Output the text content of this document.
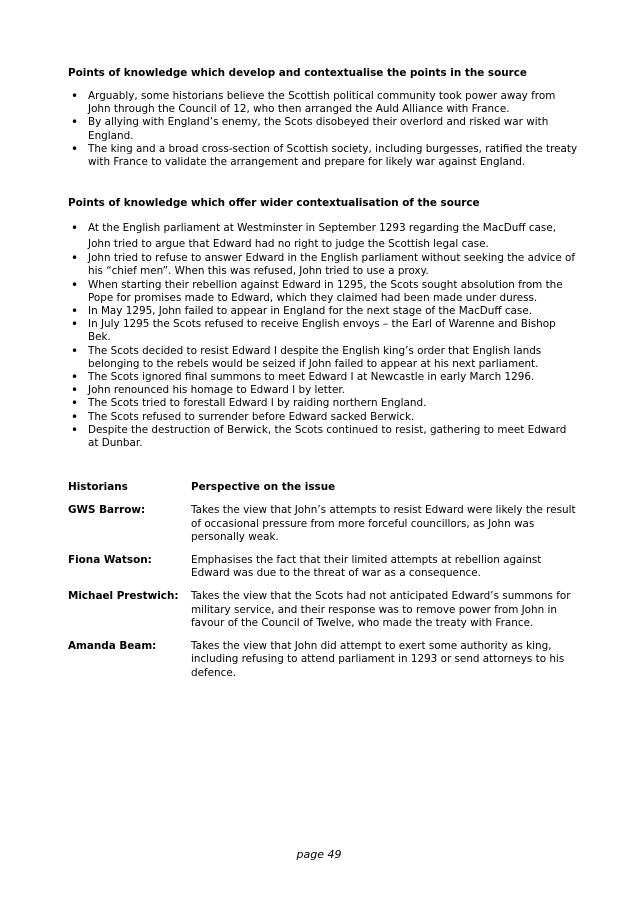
Points of knowledge which develop and contextualise the points in the source
• Arguably, some historians believe the Scottish political community took power away from John through the Council of 12, who then arranged the Auld Alliance with France.
• By allying with England’s enemy, the Scots disobeyed their overlord and risked war with England.
• The king and a broad cross-section of Scottish society, including burgesses, ratified the treaty with France to validate the arrangement and prepare for likely war against England.
Points of knowledge which offer wider contextualisation of the source
• At the English parliament at Westminster in September 1293 regarding the MacDuff case, John tried to argue that Edward had no right to judge the Scottish legal case.
• John tried to refuse to answer Edward in the English parliament without seeking the advice of his “chief men”. When this was refused, John tried to use a proxy.
• When starting their rebellion against Edward in 1295, the Scots sought absolution from the Pope for promises made to Edward, which they claimed had been made under duress.
• In May 1295, John failed to appear in England for the next stage of the MacDuff case.
• In July 1295 the Scots refused to receive English envoys – the Earl of Warenne and Bishop Bek.
• The Scots decided to resist Edward I despite the English king’s order that English lands belonging to the rebels would be seized if John failed to appear at his next parliament.
• The Scots ignored final summons to meet Edward I at Newcastle in early March 1296.
• John renounced his homage to Edward I by letter.
• The Scots tried to forestall Edward I by raiding northern England.
• The Scots refused to surrender before Edward sacked Berwick.
• Despite the destruction of Berwick, the Scots continued to resist, gathering to meet Edward at Dunbar.
Historians	Perspective on the issue
GWS Barrow:	Takes the view that John’s attempts to resist Edward were likely the result of occasional pressure from more forceful councillors, as John was personally weak.
Fiona Watson:	Emphasises the fact that their limited attempts at rebellion against Edward was due to the threat of war as a consequence.
Michael Prestwich:	Takes the view that the Scots had not anticipated Edward’s summons for military service, and their response was to remove power from John in favour of the Council of Twelve, who made the treaty with France.
Amanda Beam:	Takes the view that John did attempt to exert some authority as king, including refusing to attend parliament in 1293 or send attorneys to his defence.
page 49
